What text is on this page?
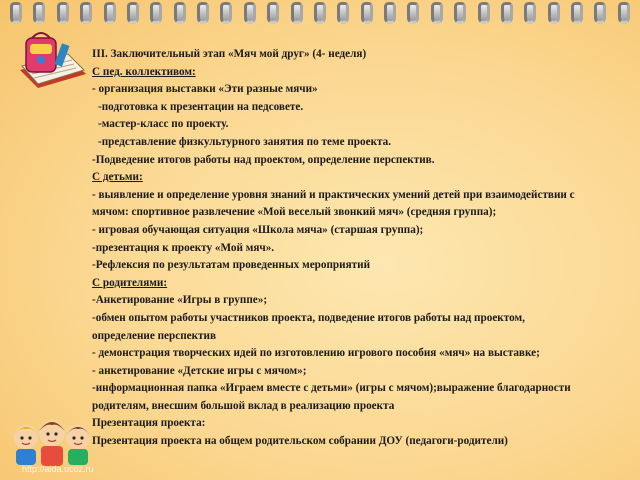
http://aida.ucoz.ru
III. Заключительный этап «Мяч мой друг» (4- неделя)
С пед. коллективом:
- организация выставки «Эти разные мячи»
-подготовка к презентации на педсовете.
-мастер-класс по проекту.
-представление физкультурного занятия по теме проекта.
-Подведение итогов работы над проектом, определение перспектив.
С детьми:
- выявление и определение уровня знаний и практических умений детей при взаимодействии с
мячом: спортивное развлечение «Мой веселый звонкий мяч» (средняя группа);
- игровая обучающая ситуация «Школа мяча» (старшая группа);
-презентация к проекту «Мой мяч».
-Рефлексия по результатам проведенных мероприятий
С родителями:
-Анкетирование «Игры в группе»;
-обмен опытом работы участников проекта, подведение итогов работы над проектом,
определение перспектив
- демонстрация творческих идей по изготовлению игрового пособия «мяч» на выставке;
- анкетирование «Детские игры с мячом»;
-информационная папка «Играем вместе с детьми» (игры с мячом);выражение благодарности
родителям, внесшим большой вклад в реализацию проекта
Презентация проекта:
Презентация проекта на общем родительском собрании ДОУ (педагоги-родители)
